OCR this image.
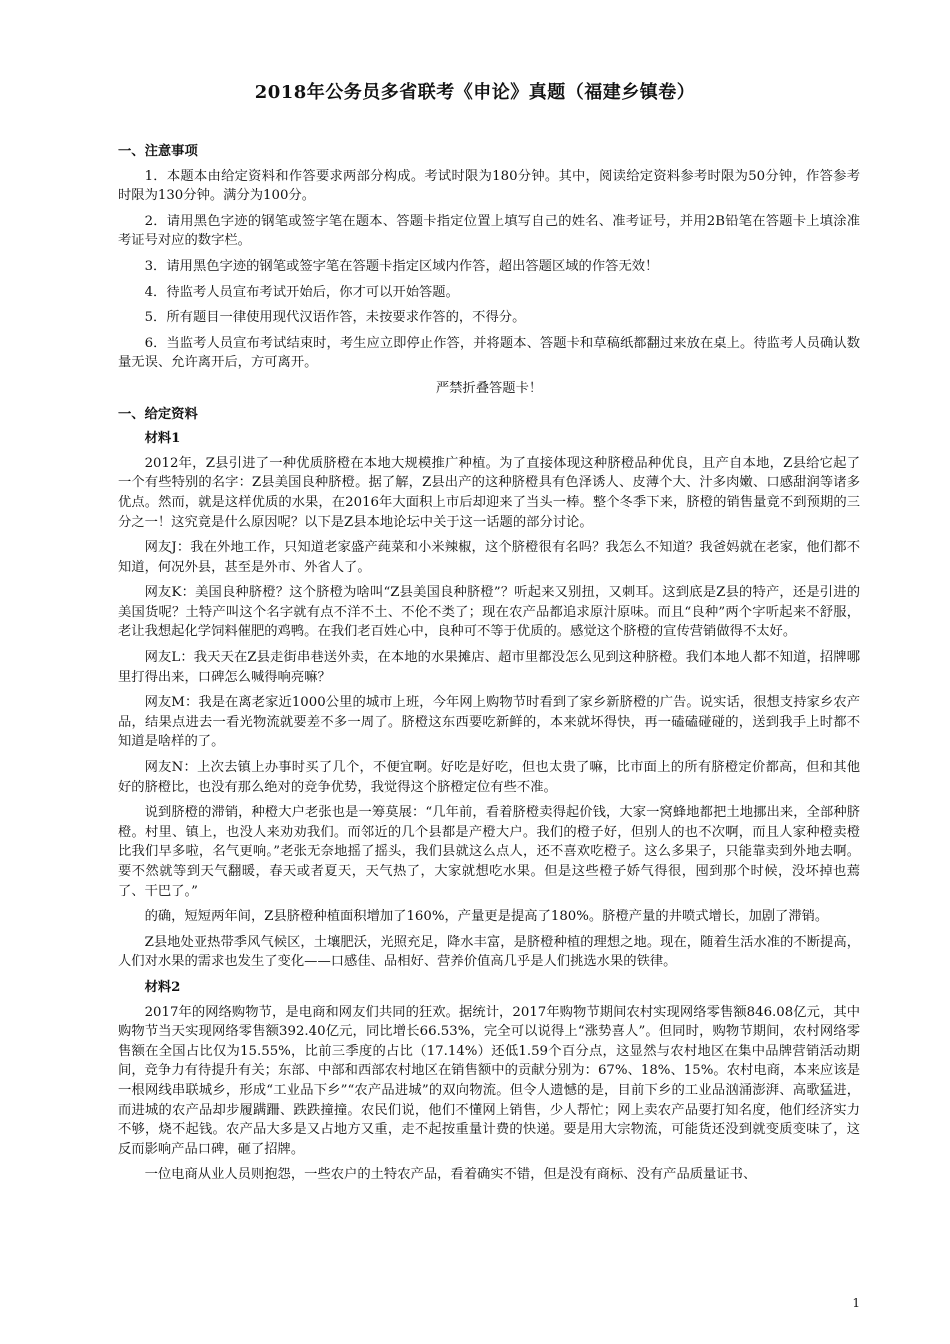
2018年公务员多省联考《申论》真题（福建乡镇卷）
一、注意事项
1．本题本由给定资料和作答要求两部分构成。考试时限为180分钟。其中，阅读给定资料参考时限为50分钟，作答参考时限为130分钟。满分为100分。
2．请用黑色字迹的钢笔或签字笔在题本、答题卡指定位置上填写自己的姓名、准考证号，并用2B铅笔在答题卡上填涂准考证号对应的数字栏。
3．请用黑色字迹的钢笔或签字笔在答题卡指定区域内作答，超出答题区域的作答无效！
4．待监考人员宣布考试开始后，你才可以开始答题。
5．所有题目一律使用现代汉语作答，未按要求作答的，不得分。
6．当监考人员宣布考试结束时，考生应立即停止作答，并将题本、答题卡和草稿纸都翻过来放在桌上。待监考人员确认数量无误、允许离开后，方可离开。
严禁折叠答题卡！
一、给定资料
材料1
2012年，Z县引进了一种优质脐橙在本地大规模推广种植。为了直接体现这种脐橙品种优良，且产自本地，Z县给它起了一个有些特别的名字：Z县美国良种脐橙。据了解，Z县出产的这种脐橙具有色泽诱人、皮薄个大、汁多肉嫩、口感甜润等诸多优点。然而，就是这样优质的水果，在2016年大面积上市后却迎来了当头一棒。整个冬季下来，脐橙的销售量竟不到预期的三分之一！这究竟是什么原因呢？以下是Z县本地论坛中关于这一话题的部分讨论。
网友J：我在外地工作，只知道老家盛产莼菜和小米辣椒，这个脐橙很有名吗？我怎么不知道？我爸妈就在老家，他们都不知道，何况外县，甚至是外市、外省人了。
网友K：美国良种脐橙？这个脐橙为啥叫“Z县美国良种脐橙”？听起来又别扭，又刺耳。这到底是Z县的特产，还是引进的美国货呢？土特产叫这个名字就有点不洋不土、不伦不类了；现在农产品都追求原汁原味。而且“良种”两个字听起来不舒服，老让我想起化学饲料催肥的鸡鸭。在我们老百姓心中，良种可不等于优质的。感觉这个脐橙的宣传营销做得不太好。
网友L：我天天在Z县走街串巷送外卖，在本地的水果摊店、超市里都没怎么见到这种脐橙。我们本地人都不知道，招牌哪里打得出来，口碑怎么喊得响亮嘛？
网友M：我是在离老家近1000公里的城市上班，今年网上购物节时看到了家乡新脐橙的广告。说实话，很想支持家乡农产品，结果点进去一看光物流就要差不多一周了。脐橙这东西要吃新鲜的，本来就坏得快，再一磕磕碰碰的，送到我手上时都不知道是啥样的了。
网友N：上次去镇上办事时买了几个，不便宜啊。好吃是好吃，但也太贵了嘛，比市面上的所有脐橙定价都高，但和其他好的脐橙比，也没有那么绝对的竞争优势，我觉得这个脐橙定位有些不准。
说到脐橙的滞销，种橙大户老张也是一筹莫展：“几年前，看着脐橙卖得起价钱，大家一窝蜂地都把土地挪出来，全部种脐橙。村里、镇上，也没人来劝劝我们。而邻近的几个县都是产橙大户。我们的橙子好，但别人的也不次啊，而且人家种橙卖橙比我们早多啦，名气更响。”老张无奈地摇了摇头，我们县就这么点人，还不喜欢吃橙子。这么多果子，只能靠卖到外地去啊。要不然就等到天气翻暖，春天或者夏天，天气热了，大家就想吃水果。但是这些橙子娇气得很，囤到那个时候，没坏掉也蔫了、干巴了。”
的确，短短两年间，Z县脐橙种植面积增加了160%，产量更是提高了180%。脐橙产量的井喷式增长，加剧了滞销。
Z县地处亚热带季风气候区，土壤肥沃，光照充足，降水丰富，是脐橙种植的理想之地。现在，随着生活水准的不断提高，人们对水果的需求也发生了变化——口感佳、品相好、营养价值高几乎是人们挑选水果的铁律。
材料2
2017年的网络购物节，是电商和网友们共同的狂欢。据统计，2017年购物节期间农村实现网络零售额846.08亿元，其中购物节当天实现网络零售额392.40亿元，同比增长66.53%，完全可以说得上“涨势喜人”。但同时，购物节期间，农村网络零售额在全国占比仅为15.55%，比前三季度的占比（17.14%）还低1.59个百分点，这显然与农村地区在集中品牌营销活动期间，竞争力有待提升有关；东部、中部和西部农村地区在销售额中的贡献分别为：67%、18%、15%。农村电商，本来应该是一根网线串联城乡，形成“工业品下乡”“农产品进城”的双向物流。但令人遗憾的是，目前下乡的工业品汹涌澎湃、高歌猛进，而进城的农产品却步履蹒跚、跌跌撞撞。农民们说，他们不懂网上销售，少人帮忙；网上卖农产品要打知名度，他们经济实力不够，烧不起钱。农产品大多是又占地方又重，走不起按重量计费的快递。要是用大宗物流，可能货还没到就变质变味了，这反而影响产品口碑，砸了招牌。
一位电商从业人员则抱怨，一些农户的土特农产品，看着确实不错，但是没有商标、没有产品质量证书、
1
